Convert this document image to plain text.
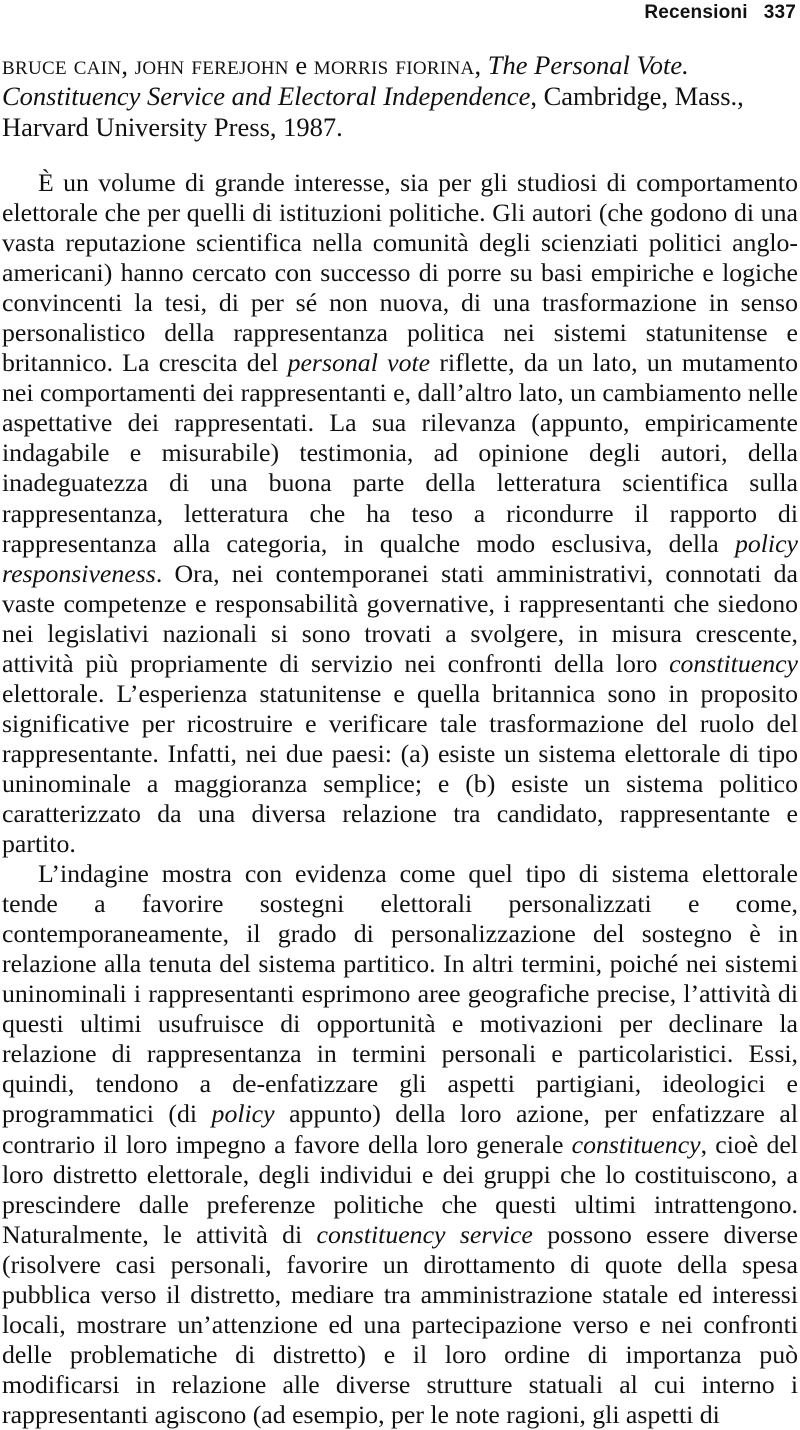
Recensioni 337
bruce cain, john ferejohn e morris fiorina, The Personal Vote. Constituency Service and Electoral Independence, Cambridge, Mass., Harvard University Press, 1987.

È un volume di grande interesse, sia per gli studiosi di comportamento elettorale che per quelli di istituzioni politiche. Gli autori (che godono di una vasta reputazione scientifica nella comunità degli scienziati politici anglo-americani) hanno cercato con successo di porre su basi empiriche e logiche convincenti la tesi, di per sé non nuova, di una trasformazione in senso personalistico della rappresentanza politica nei sistemi statunitense e britannico. La crescita del personal vote riflette, da un lato, un mutamento nei comportamenti dei rappresentanti e, dall’altro lato, un cambiamento nelle aspettative dei rappresentati. La sua rilevanza (appunto, empiricamente indagabile e misurabile) testimonia, ad opinione degli autori, della inadeguatezza di una buona parte della letteratura scientifica sulla rappresentanza, letteratura che ha teso a ricondurre il rapporto di rappresentanza alla categoria, in qualche modo esclusiva, della policy responsiveness. Ora, nei contemporanei stati amministrativi, connotati da vaste competenze e responsabilità governative, i rappresentanti che siedono nei legislativi nazionali si sono trovati a svolgere, in misura crescente, attività più propriamente di servizio nei confronti della loro constituency elettorale. L’esperienza statunitense e quella britannica sono in proposito significative per ricostruire e verificare tale trasformazione del ruolo del rappresentante. Infatti, nei due paesi: (a) esiste un sistema elettorale di tipo uninominale a maggioranza semplice; e (b) esiste un sistema politico caratterizzato da una diversa relazione tra candidato, rappresentante e partito.

L’indagine mostra con evidenza come quel tipo di sistema elettorale tende a favorire sostegni elettorali personalizzati e come, contemporaneamente, il grado di personalizzazione del sostegno è in relazione alla tenuta del sistema partitico. In altri termini, poiché nei sistemi uninominali i rappresentanti esprimono aree geografiche precise, l’attività di questi ultimi usufruisce di opportunità e motivazioni per declinare la relazione di rappresentanza in termini personali e particolaristici. Essi, quindi, tendono a de-enfatizzare gli aspetti partigiani, ideologici e programmatici (di policy appunto) della loro azione, per enfatizzare al contrario il loro impegno a favore della loro generale constituency, cioè del loro distretto elettorale, degli individui e dei gruppi che lo costituiscono, a prescindere dalle preferenze politiche che questi ultimi intrattengono. Naturalmente, le attività di constituency service possono essere diverse (risolvere casi personali, favorire un dirottamento di quote della spesa pubblica verso il distretto, mediare tra amministrazione statale ed interessi locali, mostrare un’attenzione ed una partecipazione verso e nei confronti delle problematiche di distretto) e il loro ordine di importanza può modificarsi in relazione alle diverse strutture statuali al cui interno i rappresentanti agiscono (ad esempio, per le note ragioni, gli aspetti di
